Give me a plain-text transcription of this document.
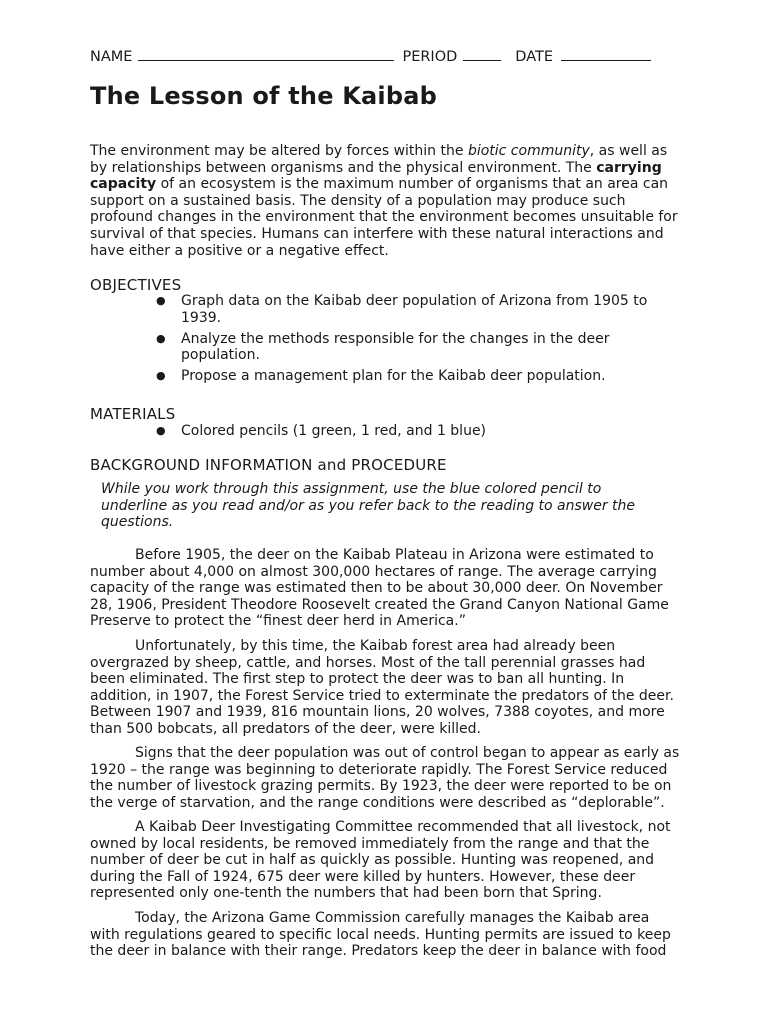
NAME	PERIOD	DATE
The Lesson of the Kaibab
The environment may be altered by forces within the biotic community, as well as by relationships between organisms and the physical environment. The carrying capacity of an ecosystem is the maximum number of organisms that an area can support on a sustained basis. The density of a population may produce such profound changes in the environment that the environment becomes unsuitable for survival of that species. Humans can interfere with these natural interactions and have either a positive or a negative effect.
OBJECTIVES
● Graph data on the Kaibab deer population of Arizona from 1905 to 1939.
● Analyze the methods responsible for the changes in the deer population.
● Propose a management plan for the Kaibab deer population.
MATERIALS
● Colored pencils (1 green, 1 red, and 1 blue)
BACKGROUND INFORMATION and PROCEDURE
While you work through this assignment, use the blue colored pencil to underline as you read and/or as you refer back to the reading to answer the questions.

Before 1905, the deer on the Kaibab Plateau in Arizona were estimated to number about 4,000 on almost 300,000 hectares of range. The average carrying capacity of the range was estimated then to be about 30,000 deer. On November 28, 1906, President Theodore Roosevelt created the Grand Canyon National Game Preserve to protect the “finest deer herd in America.”

Unfortunately, by this time, the Kaibab forest area had already been overgrazed by sheep, cattle, and horses. Most of the tall perennial grasses had been eliminated. The first step to protect the deer was to ban all hunting. In addition, in 1907, the Forest Service tried to exterminate the predators of the deer. Between 1907 and 1939, 816 mountain lions, 20 wolves, 7388 coyotes, and more than 500 bobcats, all predators of the deer, were killed.

Signs that the deer population was out of control began to appear as early as 1920 – the range was beginning to deteriorate rapidly. The Forest Service reduced the number of livestock grazing permits. By 1923, the deer were reported to be on the verge of starvation, and the range conditions were described as “deplorable”.

A Kaibab Deer Investigating Committee recommended that all livestock, not owned by local residents, be removed immediately from the range and that the number of deer be cut in half as quickly as possible. Hunting was reopened, and during the Fall of 1924, 675 deer were killed by hunters. However, these deer represented only one-tenth the numbers that had been born that Spring.

Today, the Arizona Game Commission carefully manages the Kaibab area with regulations geared to specific local needs. Hunting permits are issued to keep the deer in balance with their range. Predators keep the deer in balance with food
